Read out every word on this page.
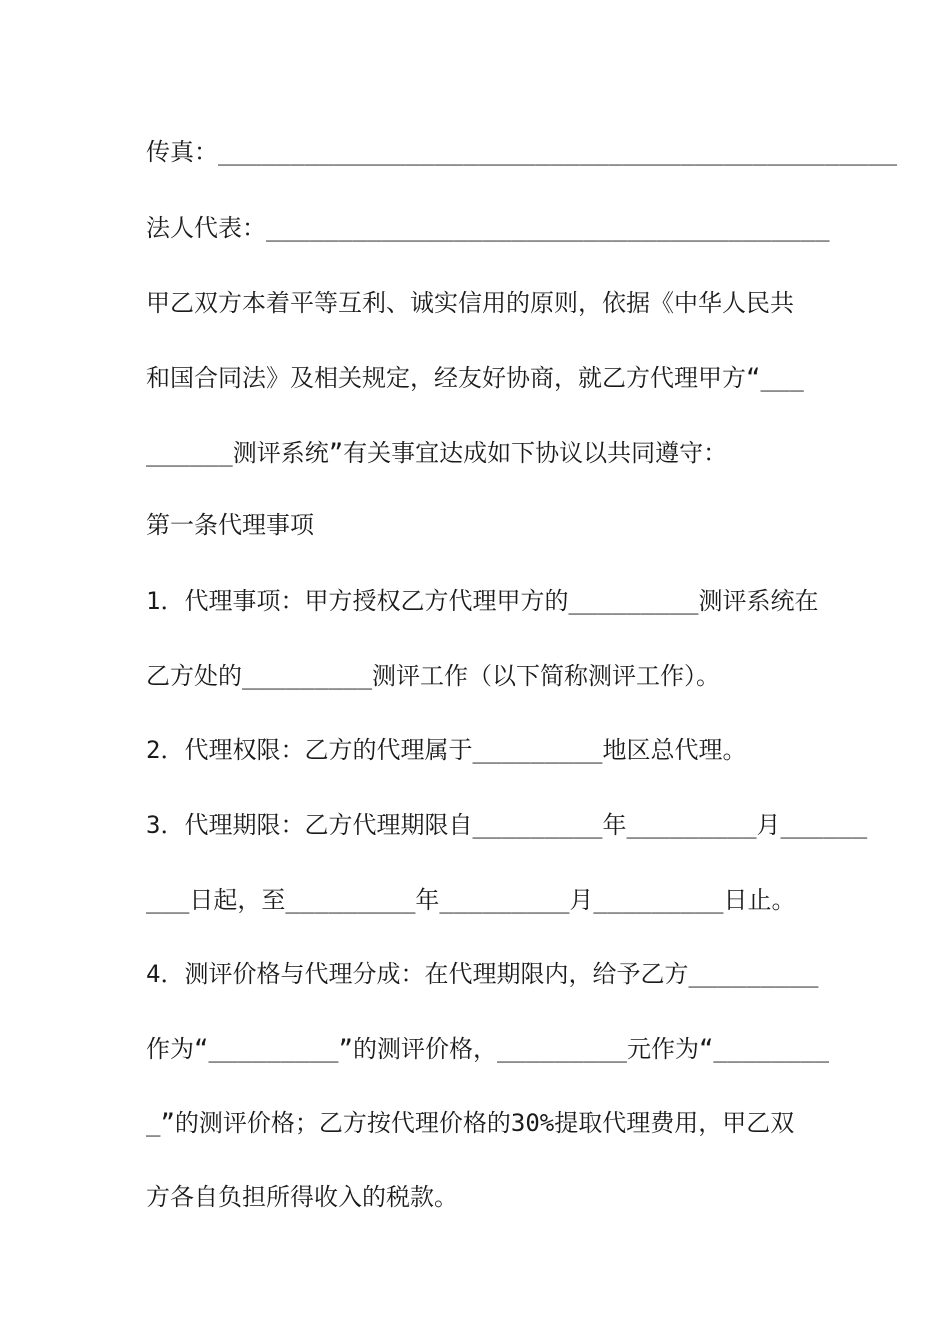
传真：_______________________________________________
法人代表：_______________________________________
甲乙双方本着平等互利、诚实信用的原则，依据《中华人民共
和国合同法》及相关规定，经友好协商，就乙方代理甲方“___
______测评系统”有关事宜达成如下协议以共同遵守：
第一条代理事项
1．代理事项：甲方授权乙方代理甲方的_________测评系统在
乙方处的_________测评工作（以下简称测评工作）。
2．代理权限：乙方的代理属于_________地区总代理。
3．代理期限：乙方代理期限自_________年_________月______
___日起，至_________年_________月_________日止。
4．测评价格与代理分成：在代理期限内，给予乙方_________
作为“_________”的测评价格，_________元作为“________
_”的测评价格；乙方按代理价格的30%提取代理费用，甲乙双
方各自负担所得收入的税款。
